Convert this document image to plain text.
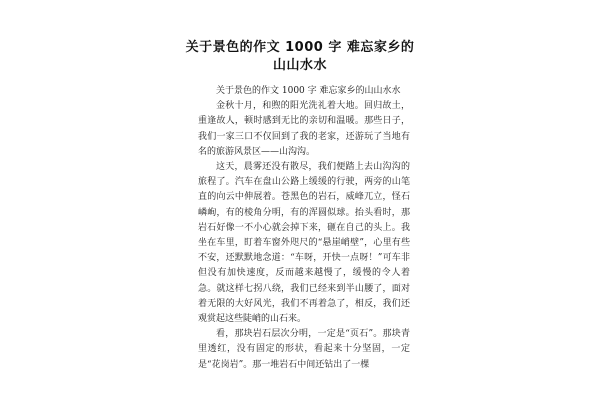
关于景色的作文 1000 字 难忘家乡的
山山水水

关于景色的作文 1000 字 难忘家乡的山山水水

金秋十月，和煦的阳光洗礼着大地。回归故土，重逢故人，顿时感到无比的亲切和温暖。那些日子，我们一家三口不仅回到了我的老家，还游玩了当地有名的旅游风景区——山沟沟。

这天，晨雾还没有散尽，我们便踏上去山沟沟的旅程了。汽车在盘山公路上缓缓的行驶，两旁的山笔直的向云中伸展着。苍黑色的岩石，威峰兀立，怪石嶙峋，有的棱角分明，有的浑圆似球。抬头看时，那岩石好像一不小心就会掉下来，砸在自己的头上。我坐在车里，盯着车窗外咫尺的“悬崖峭壁”，心里有些不安，还默默地念道：“车呀，开快一点呀！”可车非但没有加快速度，反而越来越慢了，缓慢的令人着急。就这样七拐八绕，我们已经来到半山腰了，面对着无限的大好风光，我们不再着急了，相反，我们还观赏起这些陡峭的山石来。

看，那块岩石层次分明，一定是“页石”。那块青里透红，没有固定的形状，看起来十分坚固，一定是“花岗岩”。那一堆岩石中间还钻出了一棵
